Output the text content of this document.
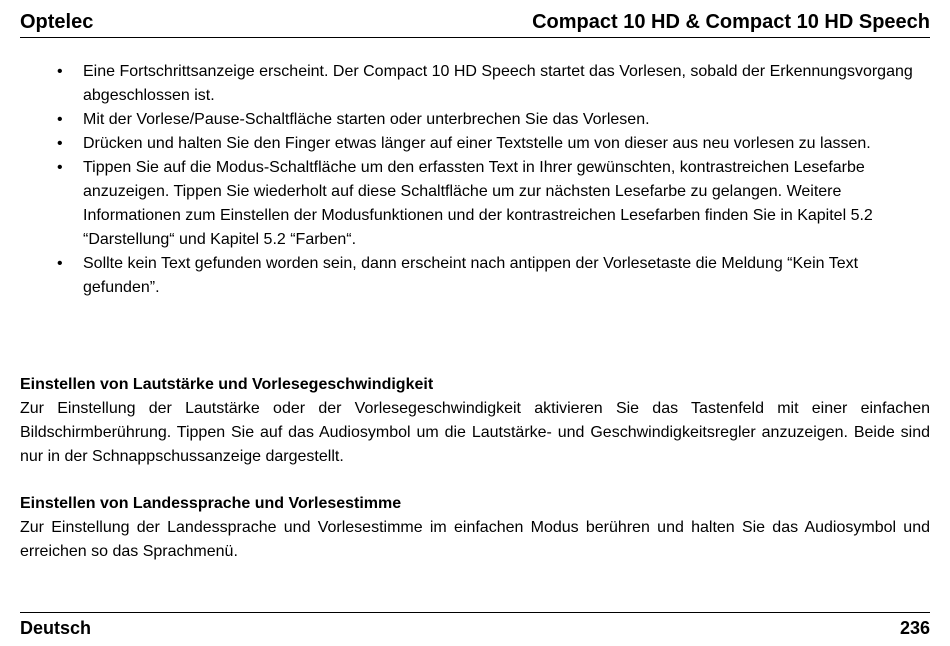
Optelec	Compact 10 HD & Compact 10 HD Speech
• Eine Fortschrittsanzeige erscheint. Der Compact 10 HD Speech startet das Vorlesen, sobald der Erkennungsvorgang abgeschlossen ist.
• Mit der Vorlese/Pause-Schaltfläche starten oder unterbrechen Sie das Vorlesen.
• Drücken und halten Sie den Finger etwas länger auf einer Textstelle um von dieser aus neu vorlesen zu lassen.
• Tippen Sie auf die Modus-Schaltfläche um den erfassten Text in Ihrer gewünschten, kontrastreichen Lesefarbe anzuzeigen. Tippen Sie wiederholt auf diese Schaltfläche um zur nächsten Lesefarbe zu gelangen. Weitere Informationen zum Einstellen der Modusfunktionen und der kontrastreichen Lesefarben finden Sie in Kapitel 5.2 “Darstellung“ und Kapitel 5.2 “Farben“.
• Sollte kein Text gefunden worden sein, dann erscheint nach antippen der Vorlesetaste die Meldung “Kein Text gefunden”.
Einstellen von Lautstärke und Vorlesegeschwindigkeit

Zur Einstellung der Lautstärke oder der Vorlesegeschwindigkeit aktivieren Sie das Tastenfeld mit einer einfachen Bildschirmberührung. Tippen Sie auf das Audiosymbol um die Lautstärke- und Geschwindigkeitsregler anzuzeigen. Beide sind nur in der Schnappschussanzeige dargestellt.

Einstellen von Landessprache und Vorlesestimme

Zur Einstellung der Landessprache und Vorlesestimme im einfachen Modus berühren und halten Sie das Audiosymbol und erreichen so das Sprachmenü.

Deutsch	236
